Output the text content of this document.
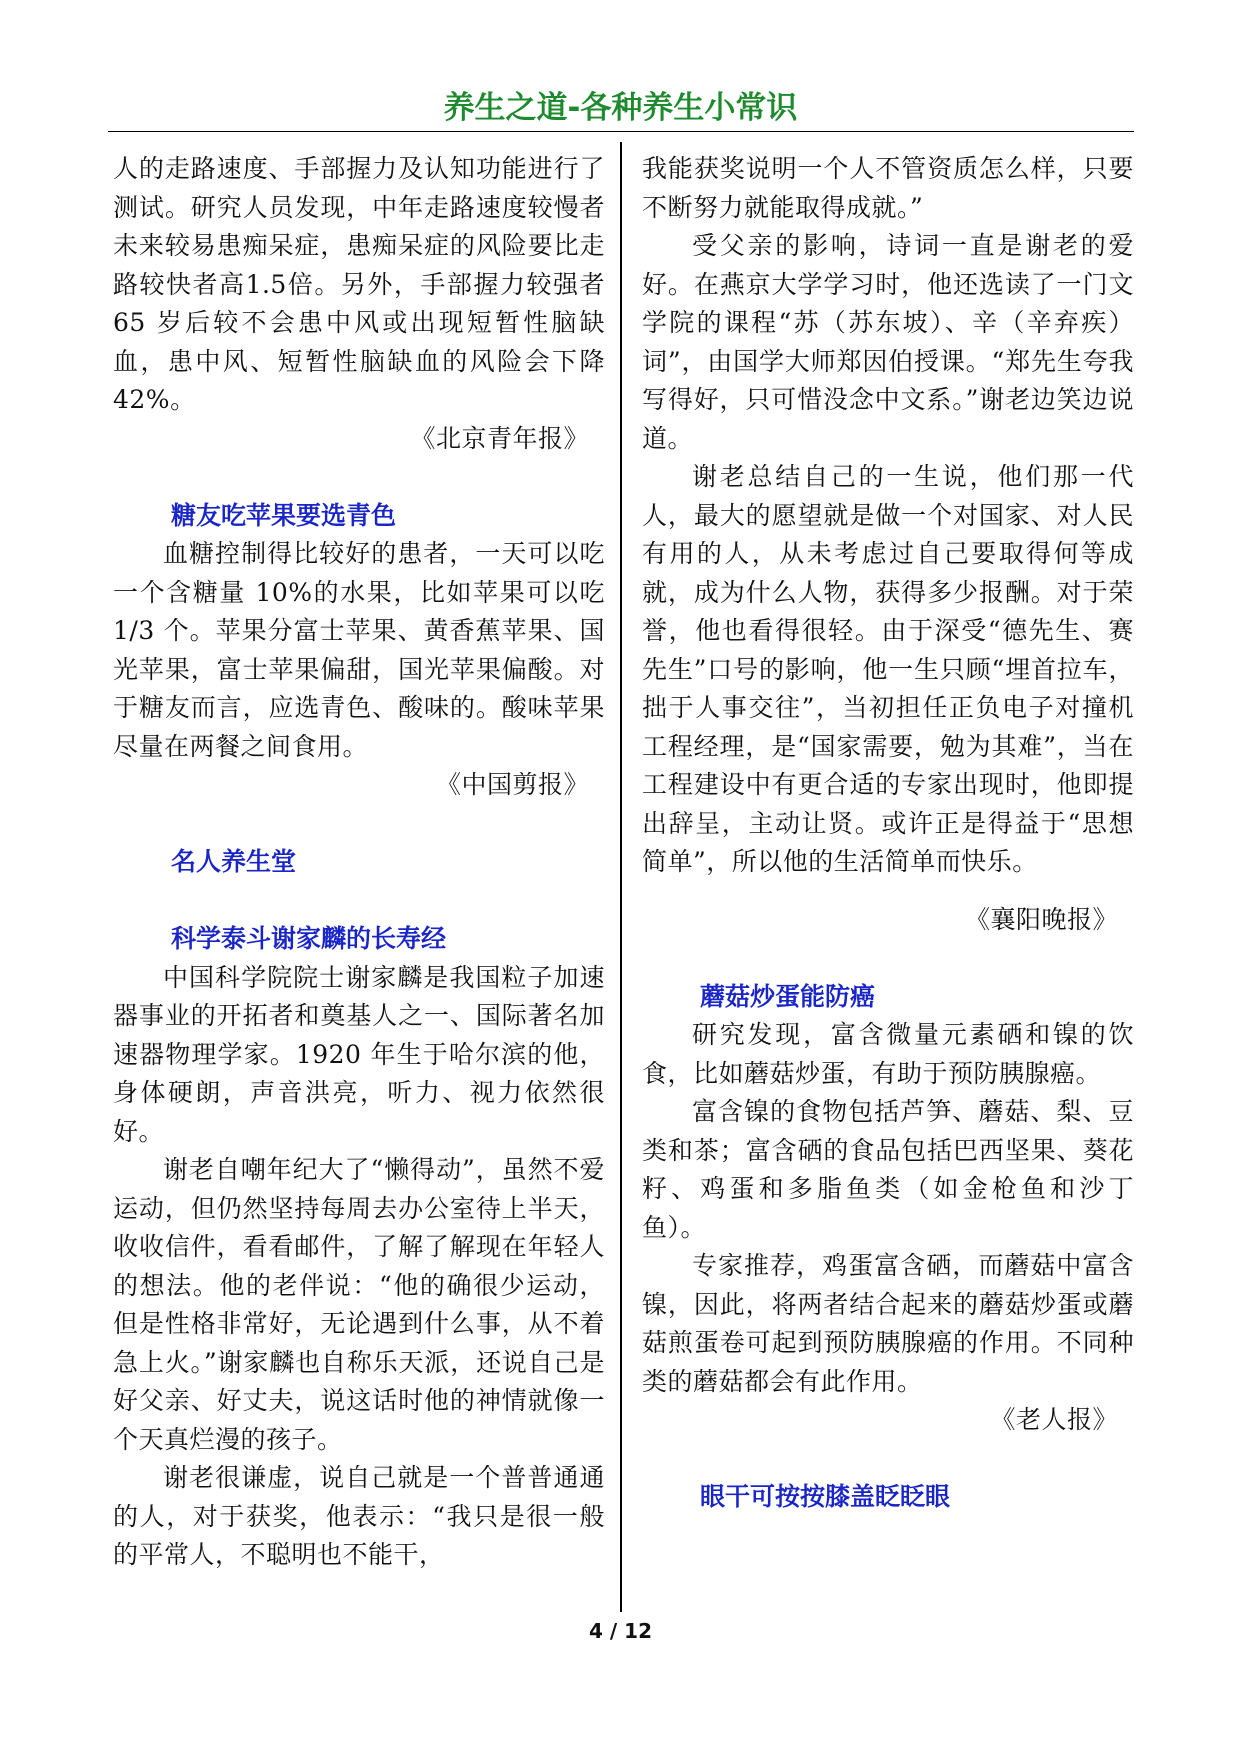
养生之道-各种养生小常识

人的走路速度、手部握力及认知功能进行了测试。研究人员发现，中年走路速度较慢者未来较易患痴呆症，患痴呆症的风险要比走路较快者高1.5倍。另外，手部握力较强者 65 岁后较不会患中风或出现短暂性脑缺血，患中风、短暂性脑缺血的风险会下降 42%。

《北京青年报》

糖友吃苹果要选青色

血糖控制得比较好的患者，一天可以吃一个含糖量 10%的水果，比如苹果可以吃 1/3 个。苹果分富士苹果、黄香蕉苹果、国光苹果，富士苹果偏甜，国光苹果偏酸。对于糖友而言，应选青色、酸味的。酸味苹果尽量在两餐之间食用。

《中国剪报》

名人养生堂
科学泰斗谢家麟的长寿经

中国科学院院士谢家麟是我国粒子加速器事业的开拓者和奠基人之一、国际著名加速器物理学家。1920 年生于哈尔滨的他，身体硬朗，声音洪亮，听力、视力依然很好。

谢老自嘲年纪大了“懒得动”，虽然不爱运动，但仍然坚持每周去办公室待上半天，收收信件，看看邮件，了解了解现在年轻人的想法。他的老伴说：“他的确很少运动，但是性格非常好，无论遇到什么事，从不着急上火。”谢家麟也自称乐天派，还说自己是好父亲、好丈夫，说这话时他的神情就像一个天真烂漫的孩子。

谢老很谦虚，说自己就是一个普普通通的人，对于获奖，他表示：“我只是很一般的平常人，不聪明也不能干，

我能获奖说明一个人不管资质怎么样，只要不断努力就能取得成就。”

受父亲的影响，诗词一直是谢老的爱好。在燕京大学学习时，他还选读了一门文学院的课程“苏（苏东坡）、辛（辛弃疾）词”，由国学大师郑因伯授课。“郑先生夸我写得好，只可惜没念中文系。”谢老边笑边说道。

谢老总结自己的一生说，他们那一代人，最大的愿望就是做一个对国家、对人民有用的人，从未考虑过自己要取得何等成就，成为什么人物，获得多少报酬。对于荣誉，他也看得很轻。由于深受“德先生、赛先生”口号的影响，他一生只顾“埋首拉车，拙于人事交往”，当初担任正负电子对撞机工程经理，是“国家需要，勉为其难”，当在工程建设中有更合适的专家出现时，他即提出辞呈，主动让贤。或许正是得益于“思想简单”，所以他的生活简单而快乐。

《襄阳晚报》

蘑菇炒蛋能防癌

研究发现，富含微量元素硒和镍的饮食，比如蘑菇炒蛋，有助于预防胰腺癌。

富含镍的食物包括芦笋、蘑菇、梨、豆类和茶；富含硒的食品包括巴西坚果、葵花籽、鸡蛋和多脂鱼类（如金枪鱼和沙丁鱼）。

专家推荐，鸡蛋富含硒，而蘑菇中富含镍，因此，将两者结合起来的蘑菇炒蛋或蘑菇煎蛋卷可起到预防胰腺癌的作用。不同种类的蘑菇都会有此作用。

《老人报》

眼干可按按膝盖眨眨眼
4 / 12
